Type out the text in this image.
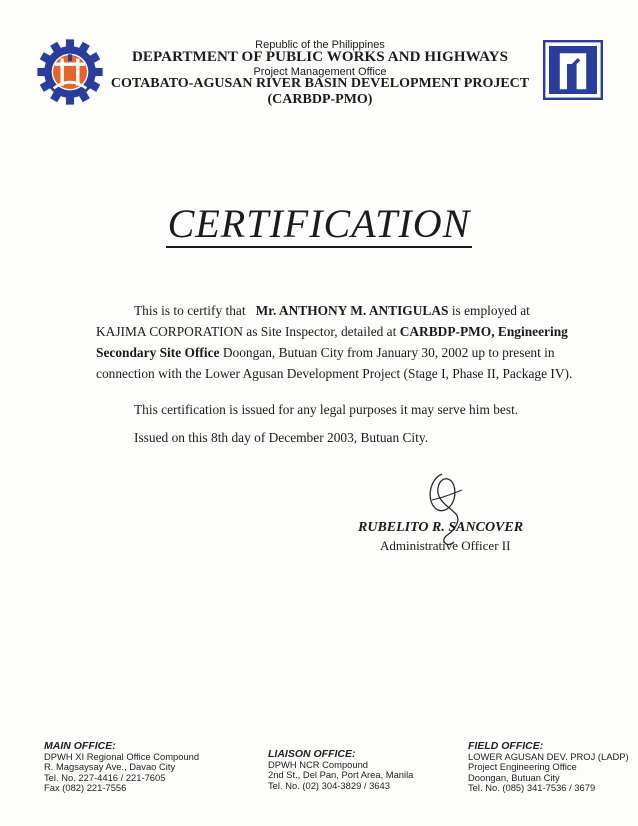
Republic of the Philippines
DEPARTMENT OF PUBLIC WORKS AND HIGHWAYS
Project Management Office
COTABATO-AGUSAN RIVER BASIN DEVELOPMENT PROJECT
(CARBDP-PMO)
CERTIFICATION
This is to certify that Mr. ANTHONY M. ANTIGULAS is employed at
KAJIMA CORPORATION as Site Inspector, detailed at CARBDP-PMO, Engineering
Secondary Site Office Doongan, Butuan City from January 30, 2002 up to present in
connection with the Lower Agusan Development Project (Stage I, Phase II, Package IV).
This certification is issued for any legal purposes it may serve him best.
Issued on this 8th day of December 2003, Butuan City.
RUBELITO R. SANCOVER
Administrative Officer II
MAIN OFFICE:
DPWH XI Regional Office Compound
R. Magsaysay Ave., Davao City
Tel. No. 227-4416 / 221-7605
Fax (082) 221-7556
LIAISON OFFICE:
DPWH NCR Compound
2nd St., Del Pan, Port Area, Manila
Tel. No. (02) 304-3829 / 3643
FIELD OFFICE:
LOWER AGUSAN DEV. PROJ (LADP)
Project Engineering Office
Doongan, Butuan City
Tel. No. (085) 341-7536 / 3679
